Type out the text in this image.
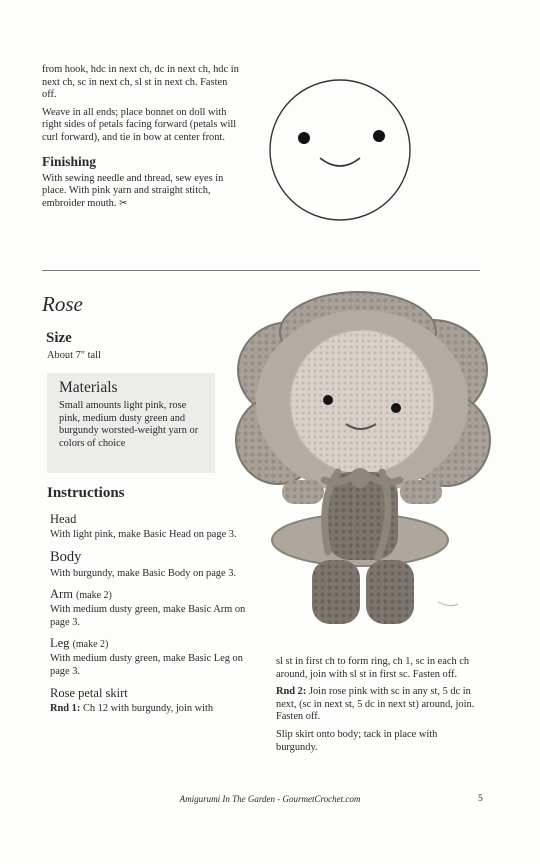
from hook, hdc in next ch, dc in next ch, hdc in next ch, sc in next ch, sl st in next ch. Fasten off.

Weave in all ends; place bonnet on doll with right sides of petals facing forward (petals will curl forward), and tie in bow at center front.

Finishing

With sewing needle and thread, sew eyes in place. With pink yarn and straight stitch, embroider mouth. ✂

Rose
Size

About 7" tall

Materials

Small amounts light pink, rose pink, medium dusty green and burgundy worsted-weight yarn or colors of choice

Instructions
Head

With light pink, make Basic Head on page 3.

Body

With burgundy, make Basic Body on page 3.

Arm (make 2)

With medium dusty green, make Basic Arm on page 3.

Leg (make 2)

With medium dusty green, make Basic Leg on page 3.

Rose petal skirt

Rnd 1: Ch 12 with burgundy, join with

sl st in first ch to form ring, ch 1, sc in each ch around, join with sl st in first sc. Fasten off.

Rnd 2: Join rose pink with sc in any st, 5 dc in next, (sc in next st, 5 dc in next st) around, join. Fasten off.

Slip skirt onto body; tack in place with burgundy.

Amigurumi In The Garden - GourmetCrochet.com	5
